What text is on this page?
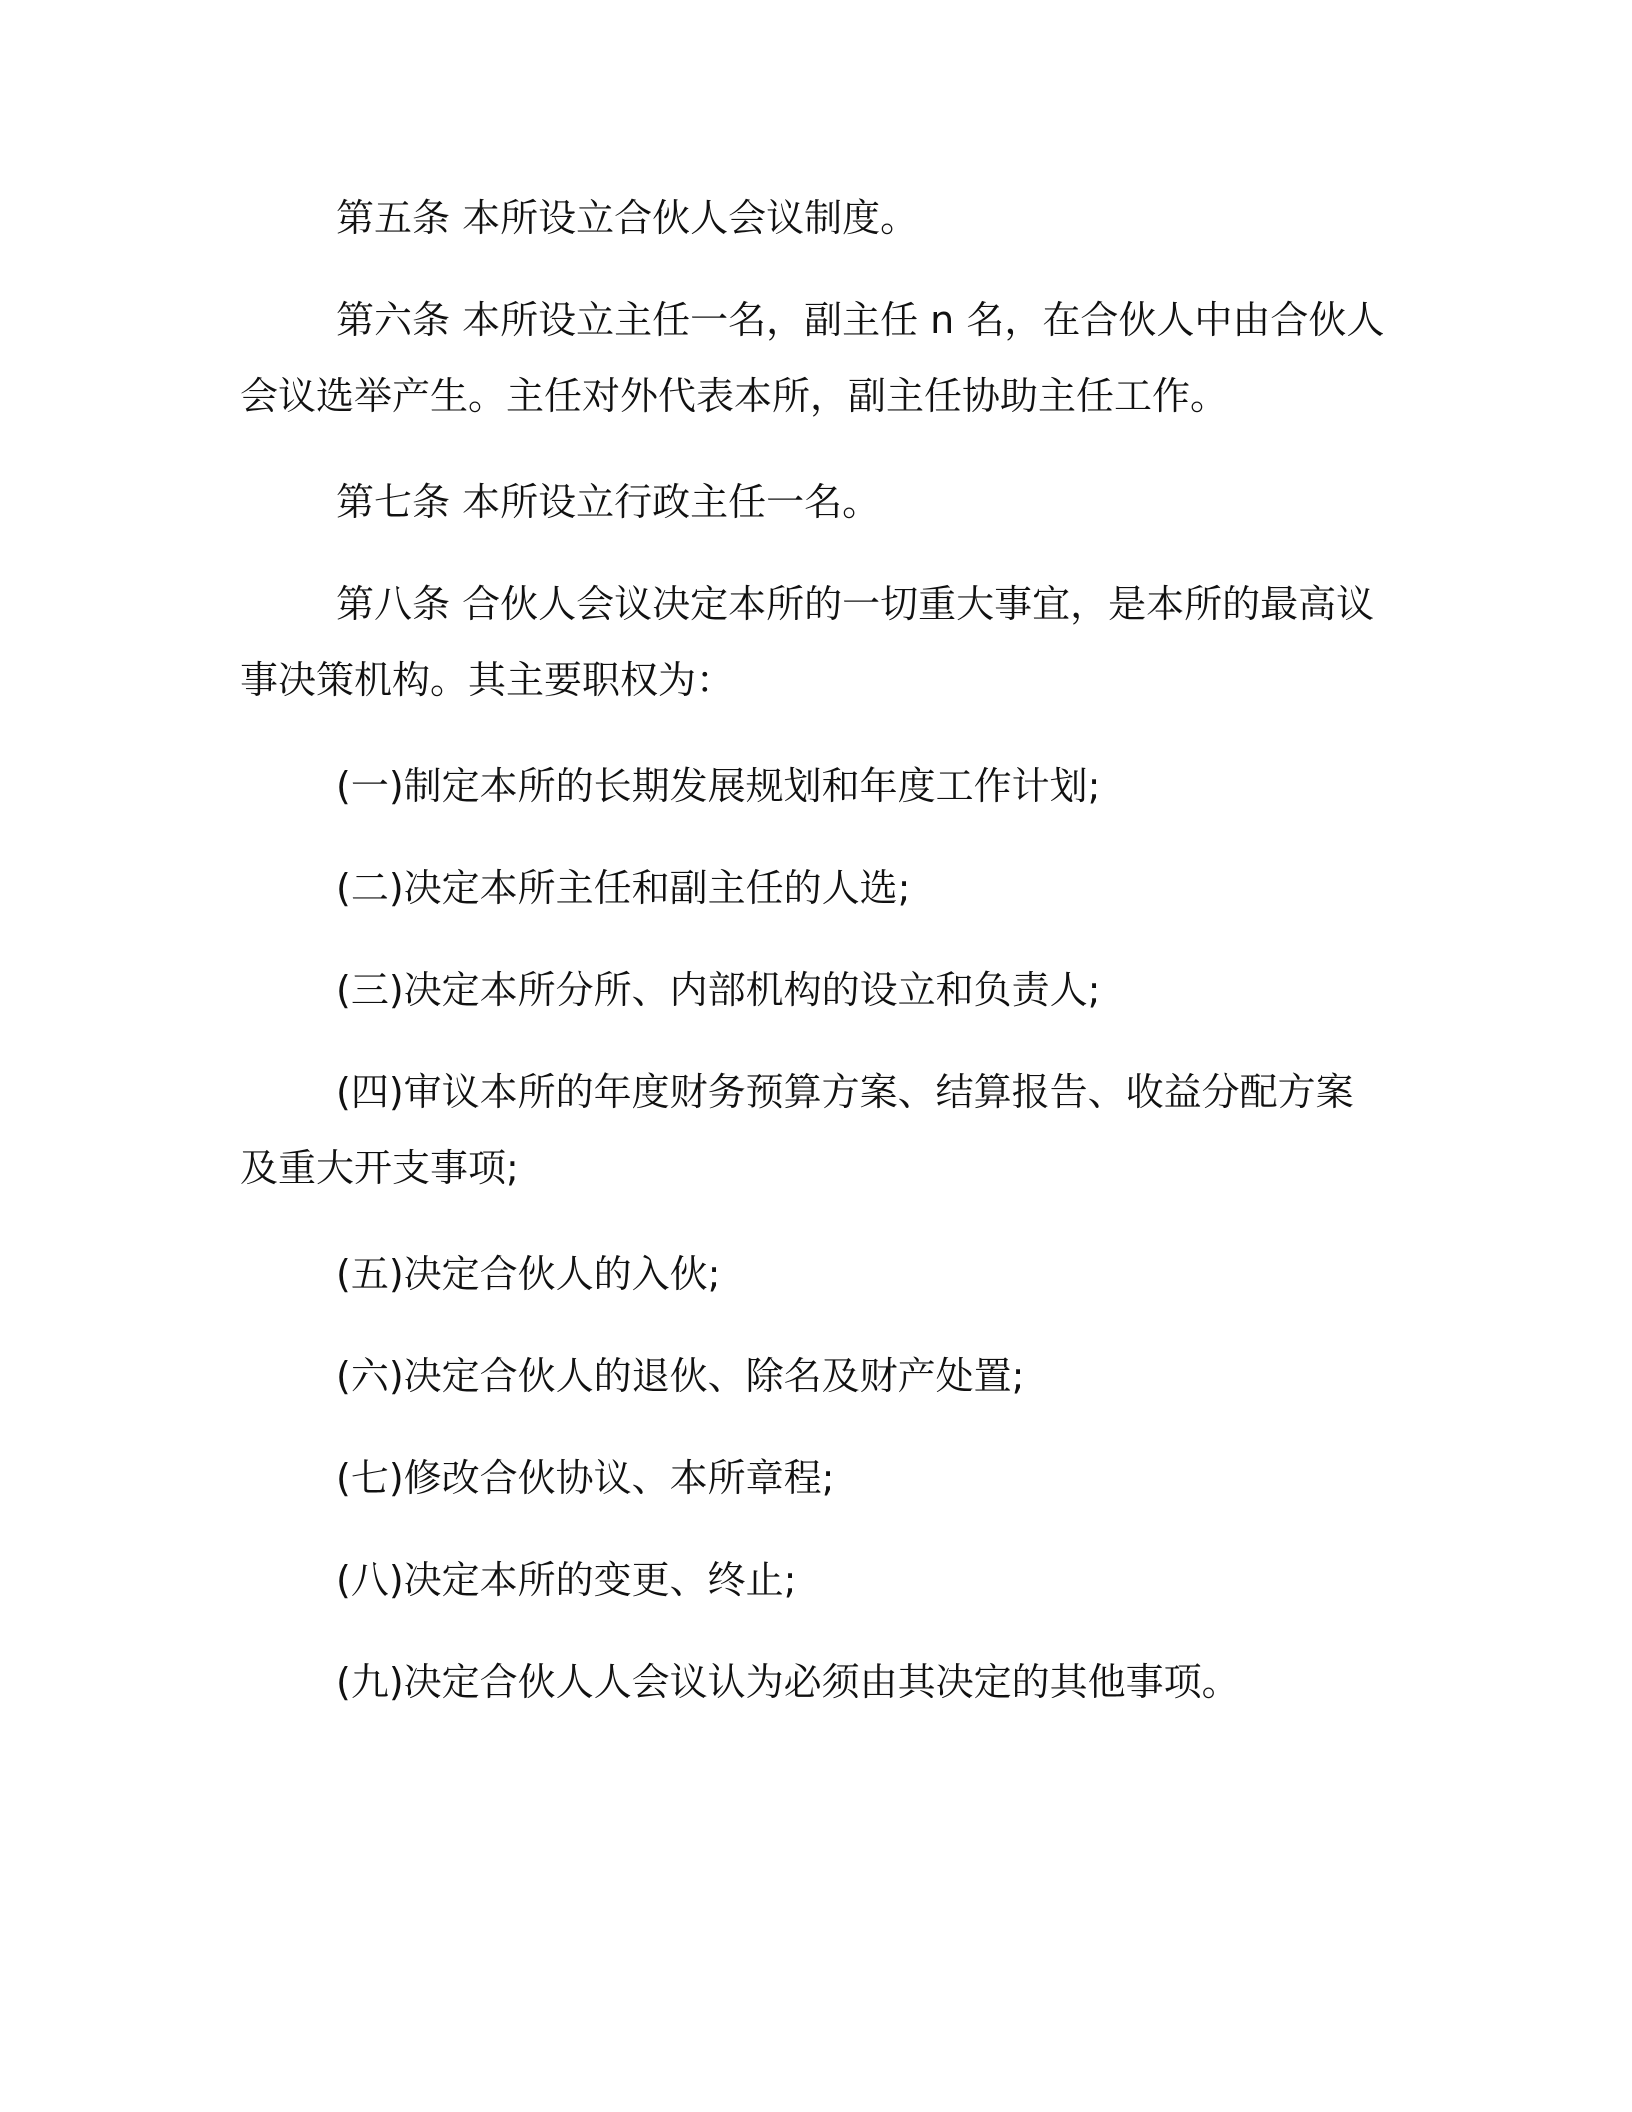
第五条 本所设立合伙人会议制度。

第六条 本所设立主任一名，副主任 n 名，在合伙人中由合伙人会议选举产生。主任对外代表本所，副主任协助主任工作。

第七条 本所设立行政主任一名。

第八条 合伙人会议决定本所的一切重大事宜，是本所的最高议事决策机构。其主要职权为：

(一)制定本所的长期发展规划和年度工作计划;

(二)决定本所主任和副主任的人选;

(三)决定本所分所、内部机构的设立和负责人;

(四)审议本所的年度财务预算方案、结算报告、收益分配方案及重大开支事项;

(五)决定合伙人的入伙;

(六)决定合伙人的退伙、除名及财产处置;

(七)修改合伙协议、本所章程;

(八)决定本所的变更、终止;

(九)决定合伙人人会议认为必须由其决定的其他事项。
